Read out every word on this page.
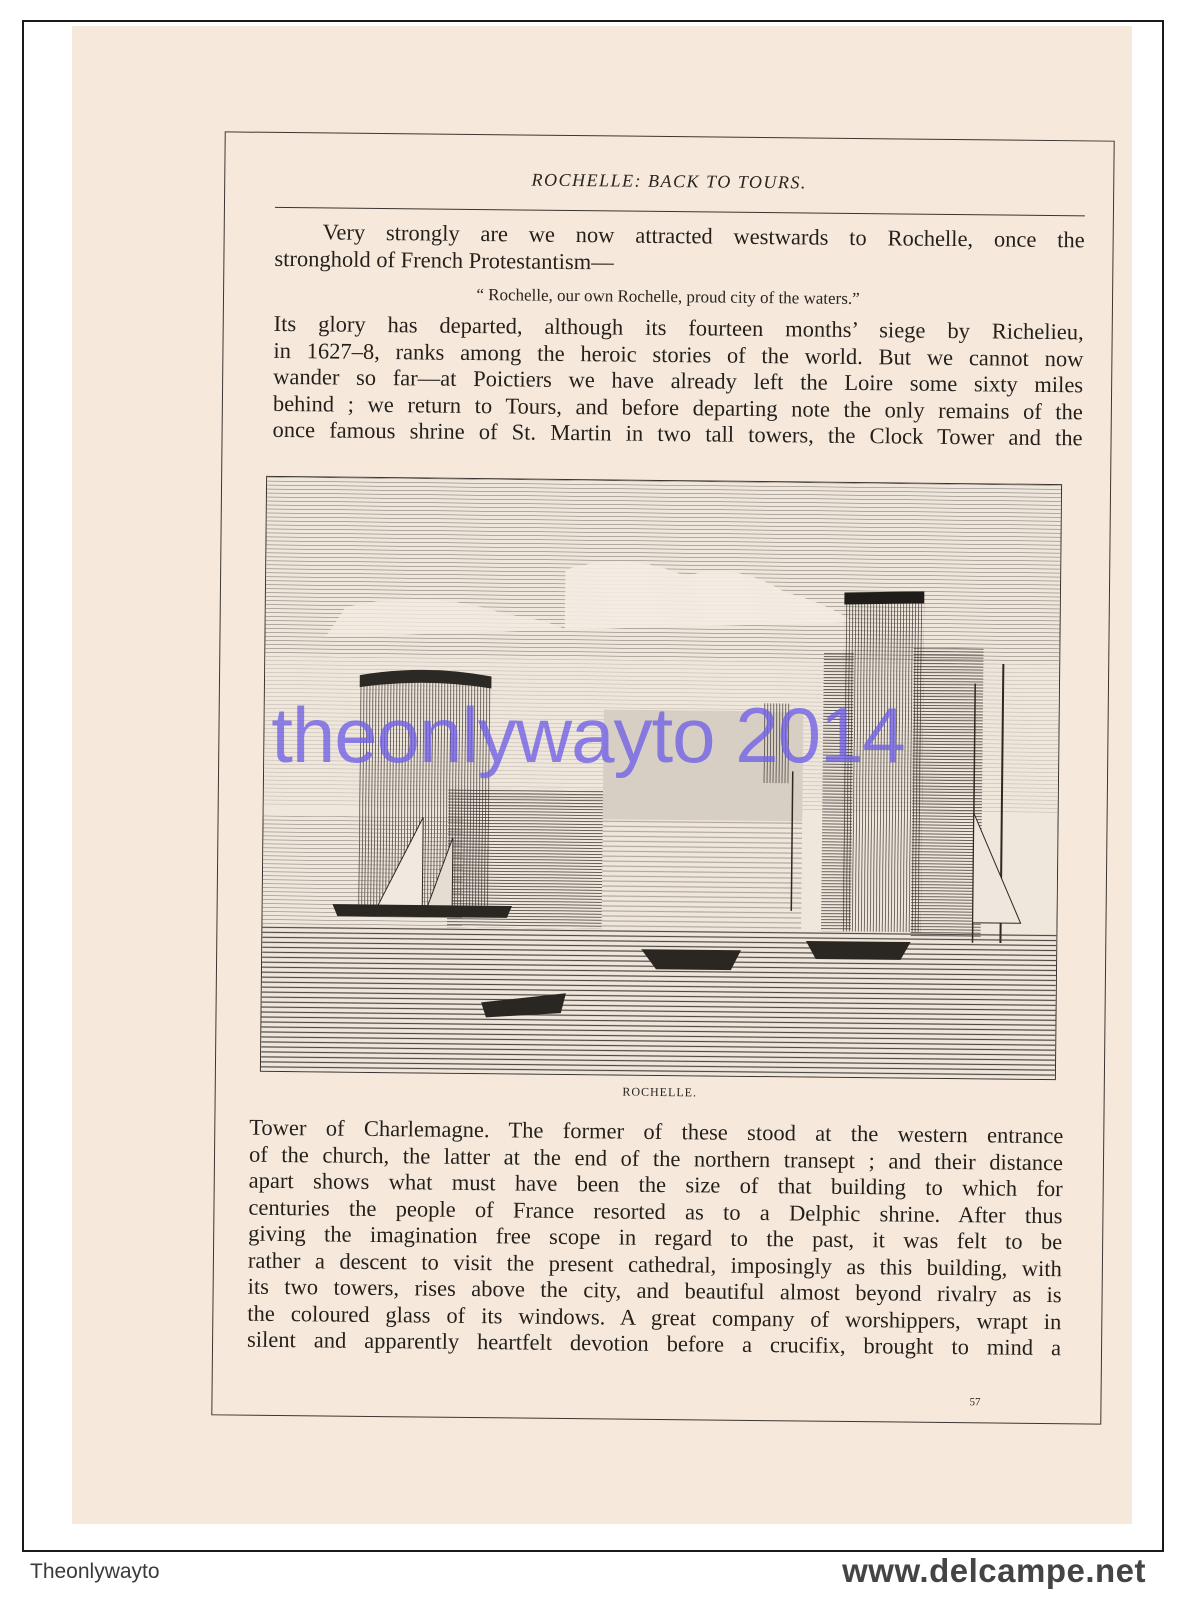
ROCHELLE: BACK TO TOURS.

Very strongly are we now attracted westwards to Rochelle, once the
stronghold of French Protestantism—

“ Rochelle, our own Rochelle, proud city of the waters.”

Its glory has departed, although its fourteen months’ siege by Richelieu,
in 1627–8, ranks among the heroic stories of the world. But we cannot now
wander so far—at Poictiers we have already left the Loire some sixty miles
behind ; we return to Tours, and before departing note the only remains of the
once famous shrine of St. Martin in two tall towers, the Clock Tower and the

ROCHELLE.

Tower of Charlemagne. The former of these stood at the western entrance
of the church, the latter at the end of the northern transept ; and their distance
apart shows what must have been the size of that building to which for
centuries the people of France resorted as to a Delphic shrine. After thus
giving the imagination free scope in regard to the past, it was felt to be
rather a descent to visit the present cathedral, imposingly as this building, with
its two towers, rises above the city, and beautiful almost beyond rivalry as is
the coloured glass of its windows. A great company of worshippers, wrapt in
silent and apparently heartfelt devotion before a crucifix, brought to mind a

57
theonlywayto 2014
Theonlywayto	www.delcampe.net
